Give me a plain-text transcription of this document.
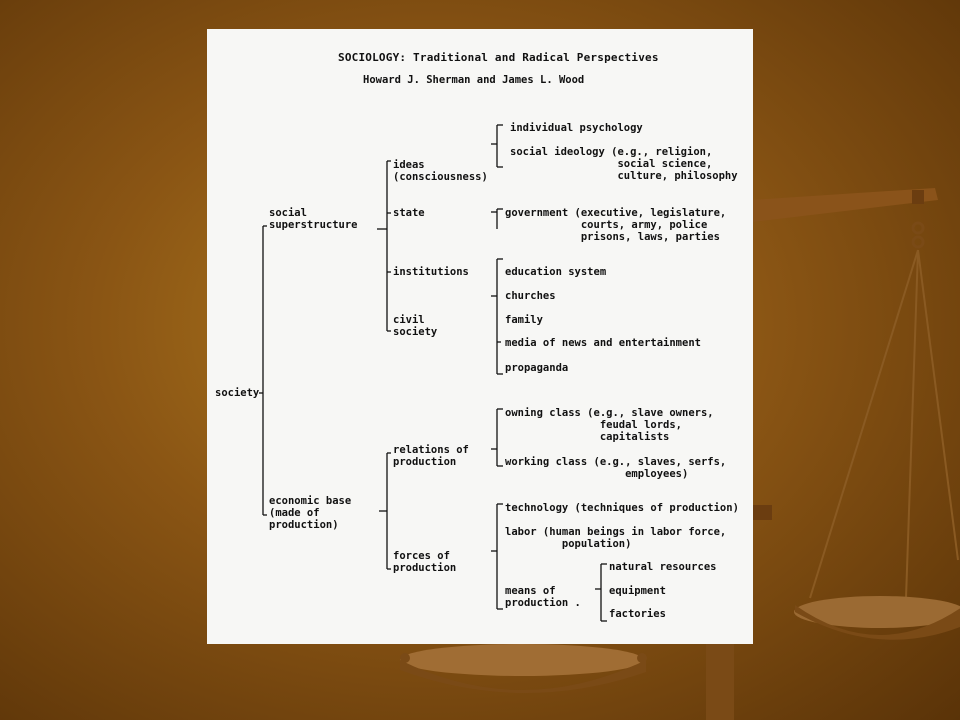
SOCIOLOGY: Traditional and Radical Perspectives
Howard J. Sherman and James L. Wood
society
social
superstructure
economic base
(made of
production)
ideas
(consciousness)
state
institutions
civil
society
individual psychology
social ideology (e.g., religion,
social science,
culture, philosophy
government (executive, legislature,
courts, army, police
prisons, laws, parties
education system
churches
family
media of news and entertainment
propaganda
relations of
production
forces of
production
owning class (e.g., slave owners,
feudal lords,
capitalists
working class (e.g., slaves, serfs,
employees)
technology (techniques of production)
labor (human beings in labor force,
population)
means of
production .
natural resources
equipment
factories
